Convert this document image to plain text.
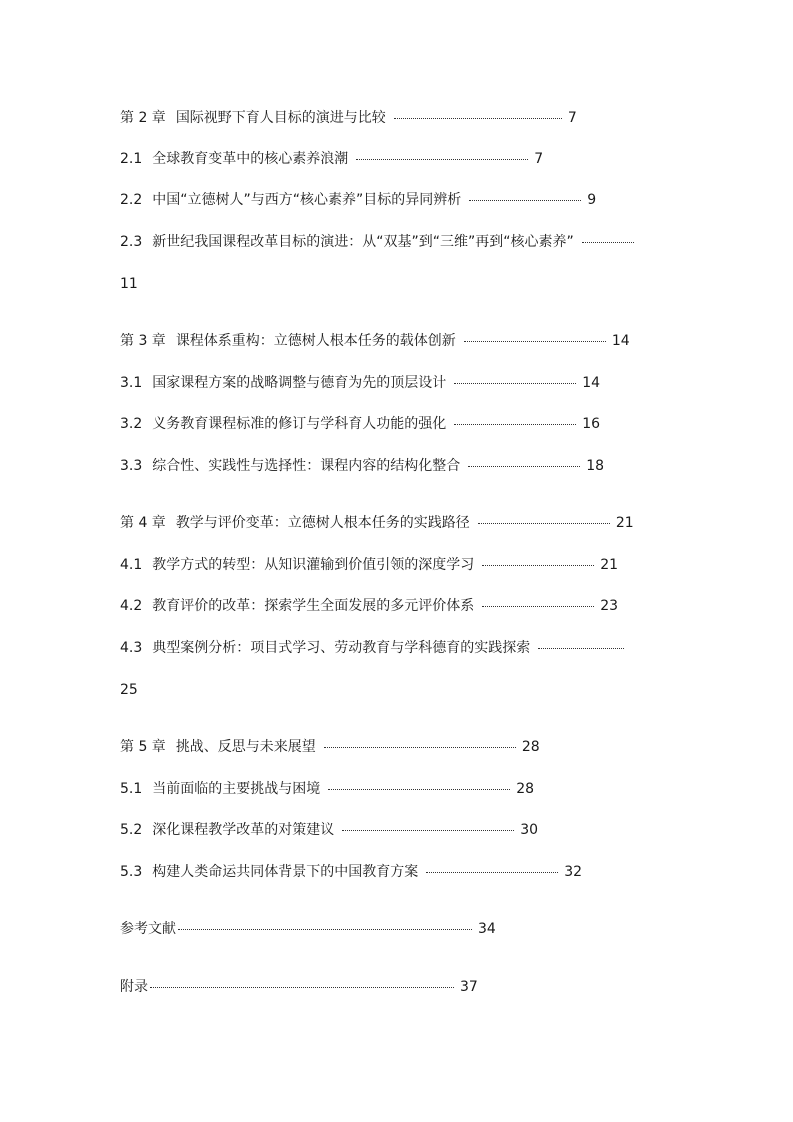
第 2 章 国际视野下育人目标的演进与比较	7
2.1 全球教育变革中的核心素养浪潮	7
2.2 中国“立德树人”与西方“核心素养”目标的异同辨析	9
2.3 新世纪我国课程改革目标的演进：从“双基”到“三维”再到“核心素养”
11
第 3 章 课程体系重构：立德树人根本任务的载体创新	14
3.1 国家课程方案的战略调整与德育为先的顶层设计	14
3.2 义务教育课程标准的修订与学科育人功能的强化	16
3.3 综合性、实践性与选择性：课程内容的结构化整合	18
第 4 章 教学与评价变革：立德树人根本任务的实践路径	21
4.1 教学方式的转型：从知识灌输到价值引领的深度学习	21
4.2 教育评价的改革：探索学生全面发展的多元评价体系	23
4.3 典型案例分析：项目式学习、劳动教育与学科德育的实践探索
25
第 5 章 挑战、反思与未来展望	28
5.1 当前面临的主要挑战与困境	28
5.2 深化课程教学改革的对策建议	30
5.3 构建人类命运共同体背景下的中国教育方案	32
参考文献	34
附录	37
